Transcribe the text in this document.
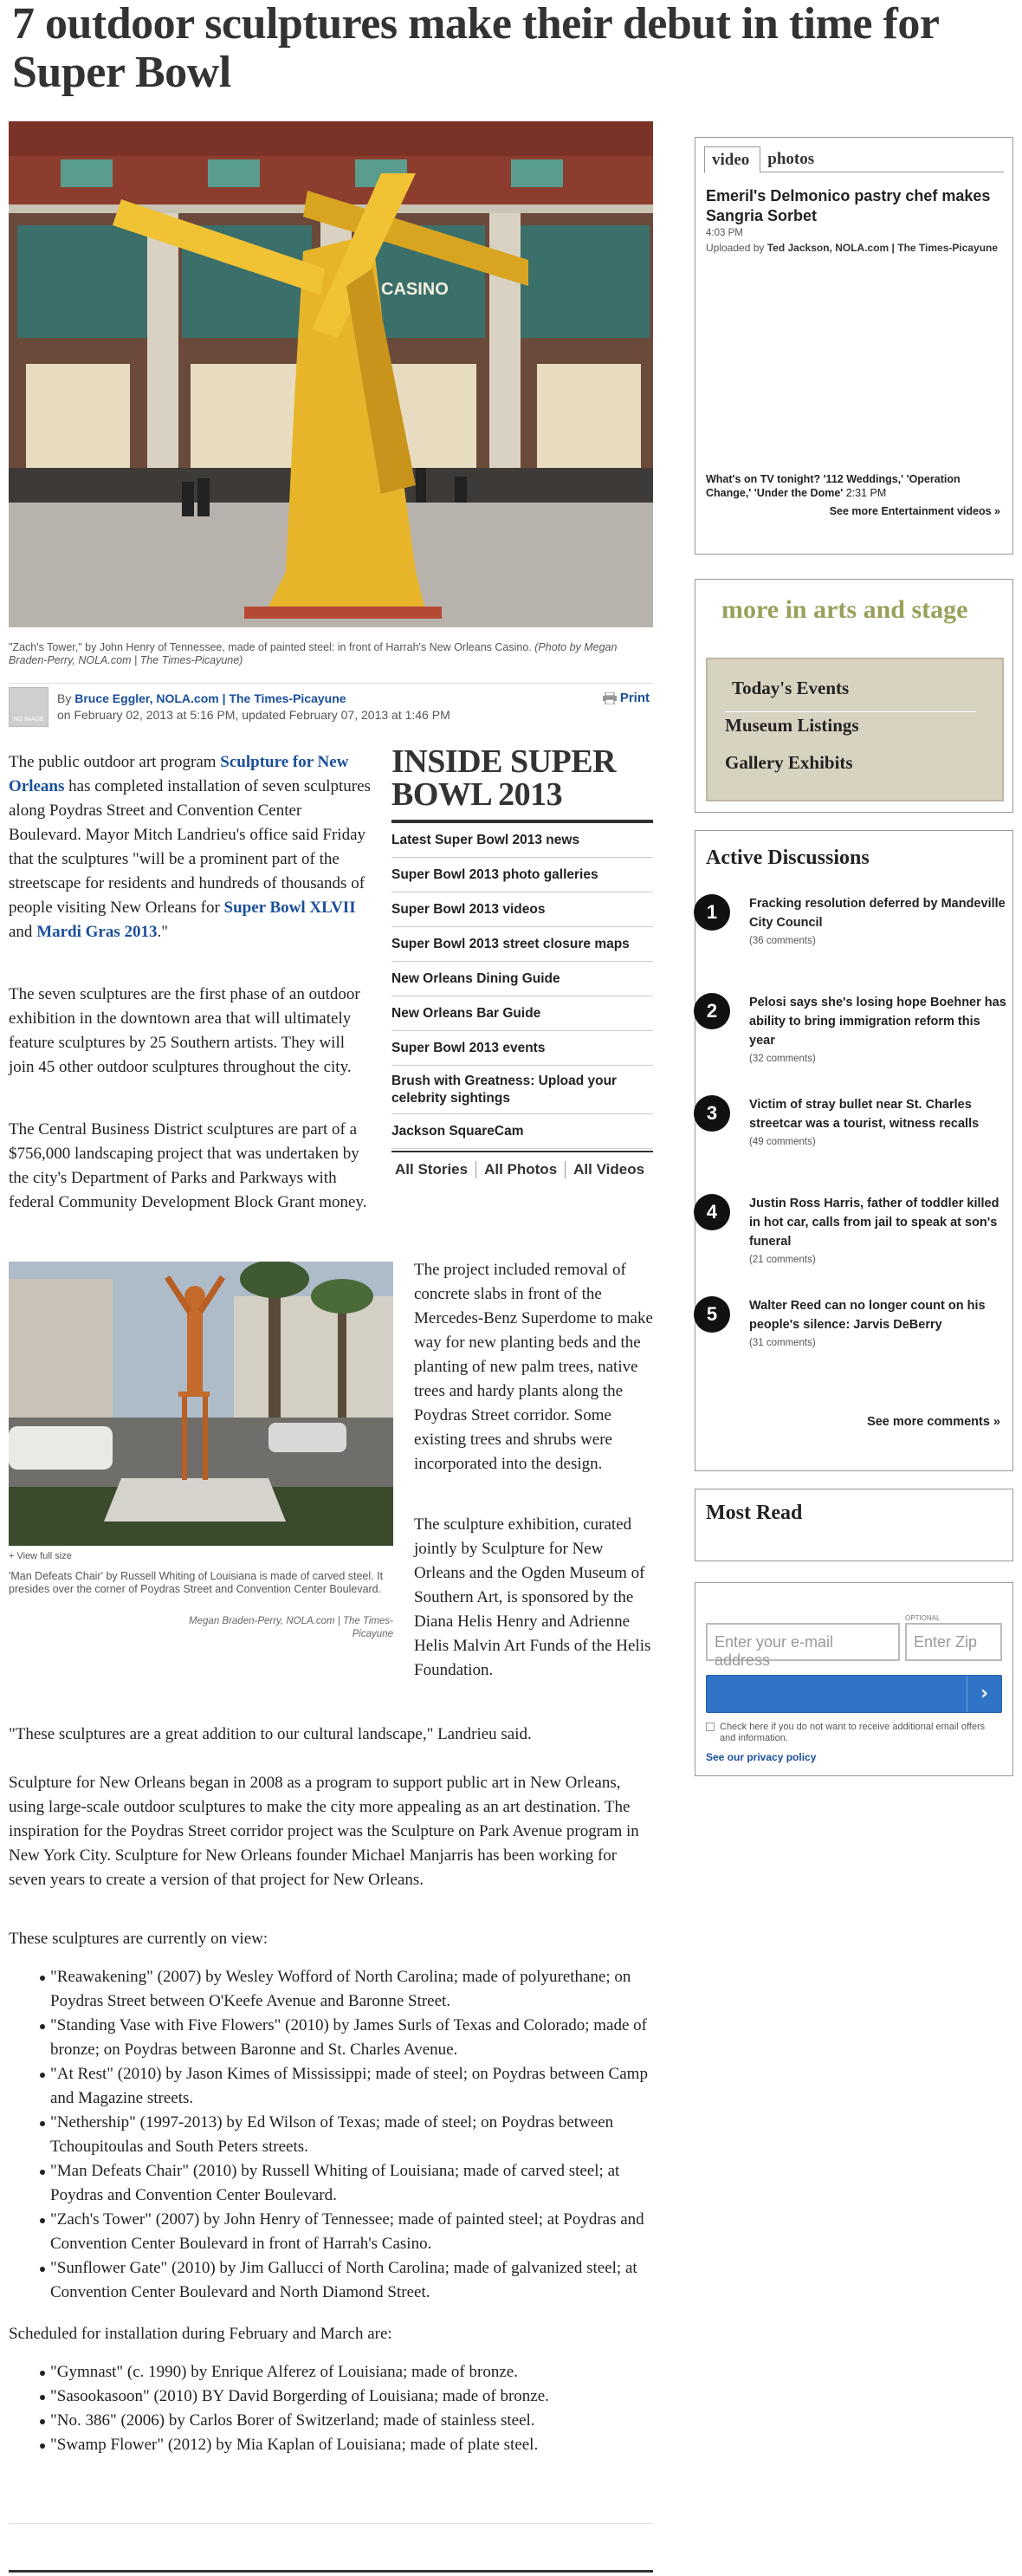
7 outdoor sculptures make their debut in time for Super Bowl
CASINO
"Zach's Tower," by John Henry of Tennessee, made of painted steel: in front of Harrah's New Orleans Casino. (Photo by Megan Braden-Perry, NOLA.com | The Times-Picayune)
NO IMAGE
By Bruce Eggler, NOLA.com | The Times-Picayune
on February 02, 2013 at 5:16 PM, updated February 07, 2013 at 1:46 PM
Print

The public outdoor art program Sculpture for New Orleans has completed installation of seven sculptures along Poydras Street and Convention Center Boulevard. Mayor Mitch Landrieu's office said Friday that the sculptures "will be a prominent part of the streetscape for residents and hundreds of thousands of people visiting New Orleans for Super Bowl XLVII and Mardi Gras 2013."

The seven sculptures are the first phase of an outdoor exhibition in the downtown area that will ultimately feature sculptures by 25 Southern artists. They will join 45 other outdoor sculptures throughout the city.

The Central Business District sculptures are part of a $756,000 landscaping project that was undertaken by the city's Department of Parks and Parkways with federal Community Development Block Grant money.

INSIDE SUPER BOWL 2013
Latest Super Bowl 2013 news
Super Bowl 2013 photo galleries
Super Bowl 2013 videos
Super Bowl 2013 street closure maps
New Orleans Dining Guide
New Orleans Bar Guide
Super Bowl 2013 events
Brush with Greatness: Upload your celebrity sightings
Jackson SquareCam
All Stories	All Photos	All Videos
+ View full size
'Man Defeats Chair' by Russell Whiting of Louisiana is made of carved steel. It presides over the corner of Poydras Street and Convention Center Boulevard.
Megan Braden-Perry, NOLA.com | The Times-Picayune

The project included removal of concrete slabs in front of the Mercedes-Benz Superdome to make way for new planting beds and the planting of new palm trees, native trees and hardy plants along the Poydras Street corridor. Some existing trees and shrubs were incorporated into the design.

The sculpture exhibition, curated jointly by Sculpture for New Orleans and the Ogden Museum of Southern Art, is sponsored by the Diana Helis Henry and Adrienne Helis Malvin Art Funds of the Helis Foundation.

"These sculptures are a great addition to our cultural landscape," Landrieu said.

Sculpture for New Orleans began in 2008 as a program to support public art in New Orleans, using large-scale outdoor sculptures to make the city more appealing as an art destination. The inspiration for the Poydras Street corridor project was the Sculpture on Park Avenue program in New York City. Sculpture for New Orleans founder Michael Manjarris has been working for seven years to create a version of that project for New Orleans.

These sculptures are currently on view:

"Reawakening" (2007) by Wesley Wofford of North Carolina; made of polyurethane; on Poydras Street between O'Keefe Avenue and Baronne Street.
"Standing Vase with Five Flowers" (2010) by James Surls of Texas and Colorado; made of bronze; on Poydras between Baronne and St. Charles Avenue.
"At Rest" (2010) by Jason Kimes of Mississippi; made of steel; on Poydras between Camp and Magazine streets.
"Nethership" (1997-2013) by Ed Wilson of Texas; made of steel; on Poydras between Tchoupitoulas and South Peters streets.
"Man Defeats Chair" (2010) by Russell Whiting of Louisiana; made of carved steel; at Poydras and Convention Center Boulevard.
"Zach's Tower" (2007) by John Henry of Tennessee; made of painted steel; at Poydras and Convention Center Boulevard in front of Harrah's Casino.
"Sunflower Gate" (2010) by Jim Gallucci of North Carolina; made of galvanized steel; at Convention Center Boulevard and North Diamond Street.

Scheduled for installation during February and March are:

"Gymnast" (c. 1990) by Enrique Alferez of Louisiana; made of bronze.
"Sasookasoon" (2010) BY David Borgerding of Louisiana; made of bronze.
"No. 386" (2006) by Carlos Borer of Switzerland; made of stainless steel.
"Swamp Flower" (2012) by Mia Kaplan of Louisiana; made of plate steel.
video	photos
Emeril's Delmonico pastry chef makes Sangria Sorbet
4:03 PM
Uploaded by Ted Jackson, NOLA.com | The Times-Picayune
What's on TV tonight? '112 Weddings,' 'Operation Change,' 'Under the Dome' 2:31 PM
See more Entertainment videos »
more in arts and stage
Today's Events
Museum Listings
Gallery Exhibits
Active Discussions
1	Fracking resolution deferred by Mandeville City Council
(36 comments)
2	Pelosi says she's losing hope Boehner has ability to bring immigration reform this year
(32 comments)
3	Victim of stray bullet near St. Charles streetcar was a tourist, witness recalls
(49 comments)
4	Justin Ross Harris, father of toddler killed in hot car, calls from jail to speak at son's funeral
(21 comments)
5	Walter Reed can no longer count on his people's silence: Jarvis DeBerry
(31 comments)
See more comments »
Most Read
OPTIONAL
Enter your e-mail address
Enter Zip
›
Check here if you do not want to receive additional email offers and information.
See our privacy policy
